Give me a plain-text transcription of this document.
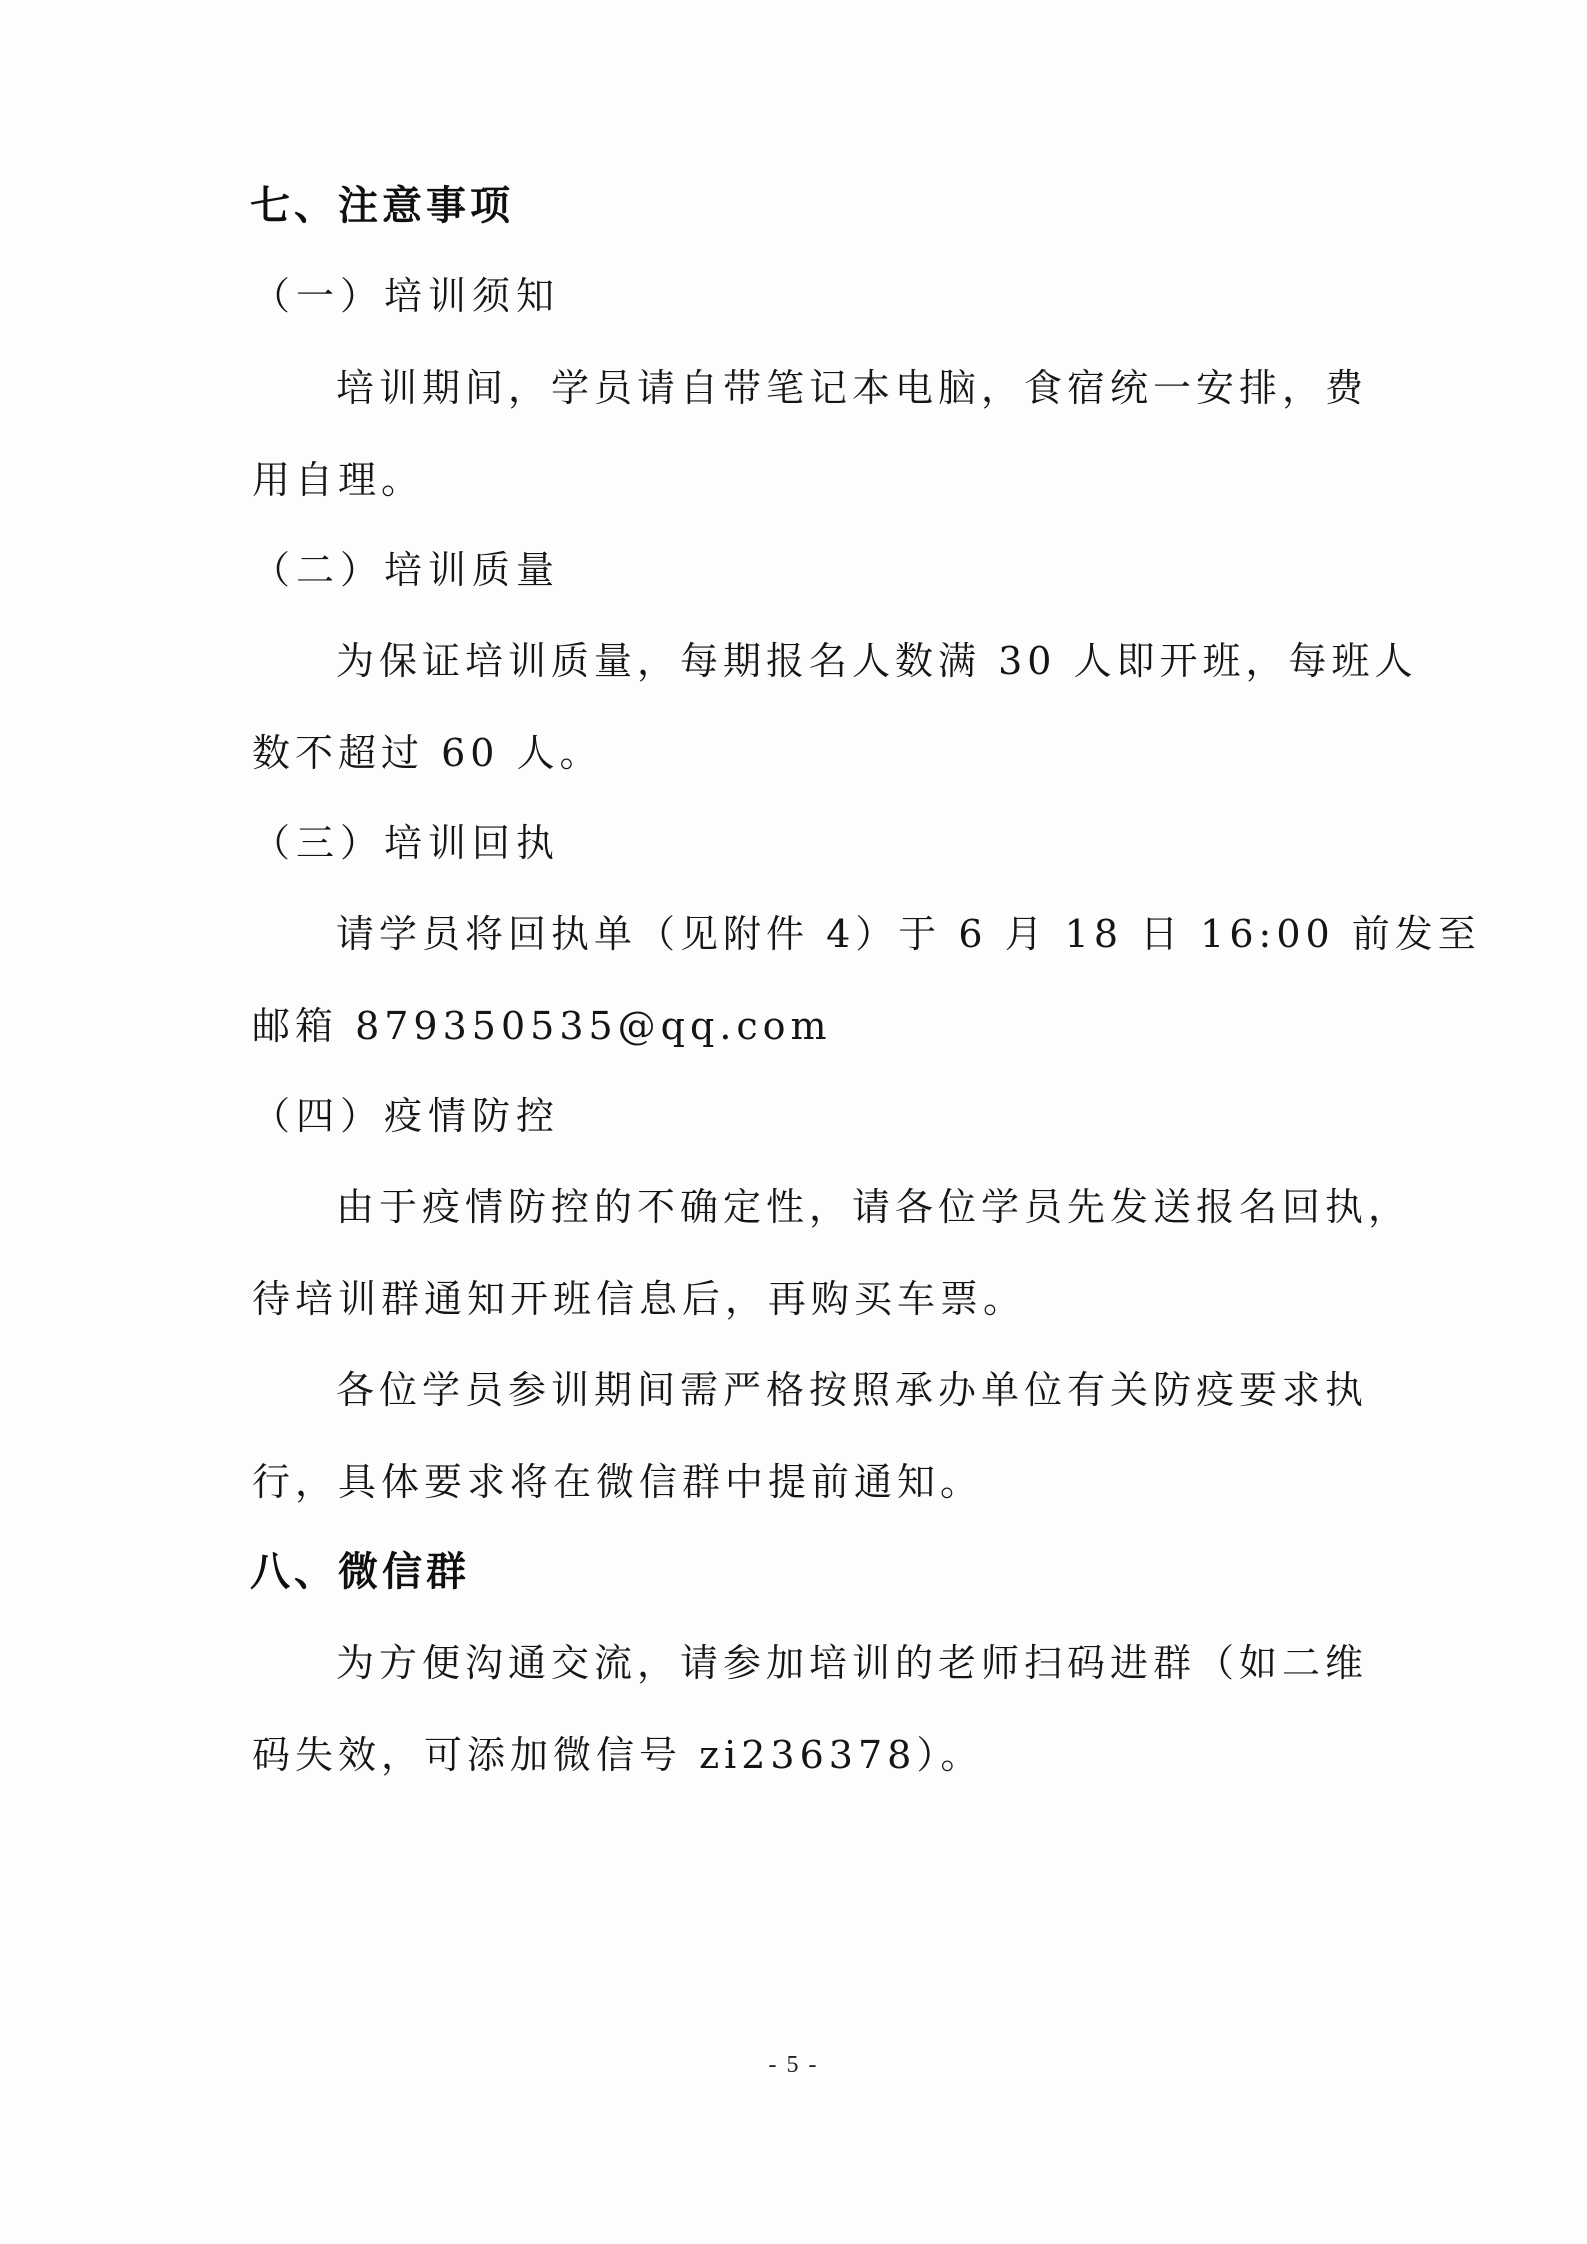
七、注意事项
（一）培训须知
培训期间，学员请自带笔记本电脑，食宿统一安排，费
用自理。
（二）培训质量
为保证培训质量，每期报名人数满 30 人即开班，每班人
数不超过 60 人。
（三）培训回执
请学员将回执单（见附件 4）于 6 月 18 日 16:00 前发至
邮箱 879350535@qq.com
（四）疫情防控
由于疫情防控的不确定性，请各位学员先发送报名回执，
待培训群通知开班信息后，再购买车票。
各位学员参训期间需严格按照承办单位有关防疫要求执
行，具体要求将在微信群中提前通知。
八、微信群
为方便沟通交流，请参加培训的老师扫码进群（如二维
码失效，可添加微信号 zi236378）。
- 5 -
